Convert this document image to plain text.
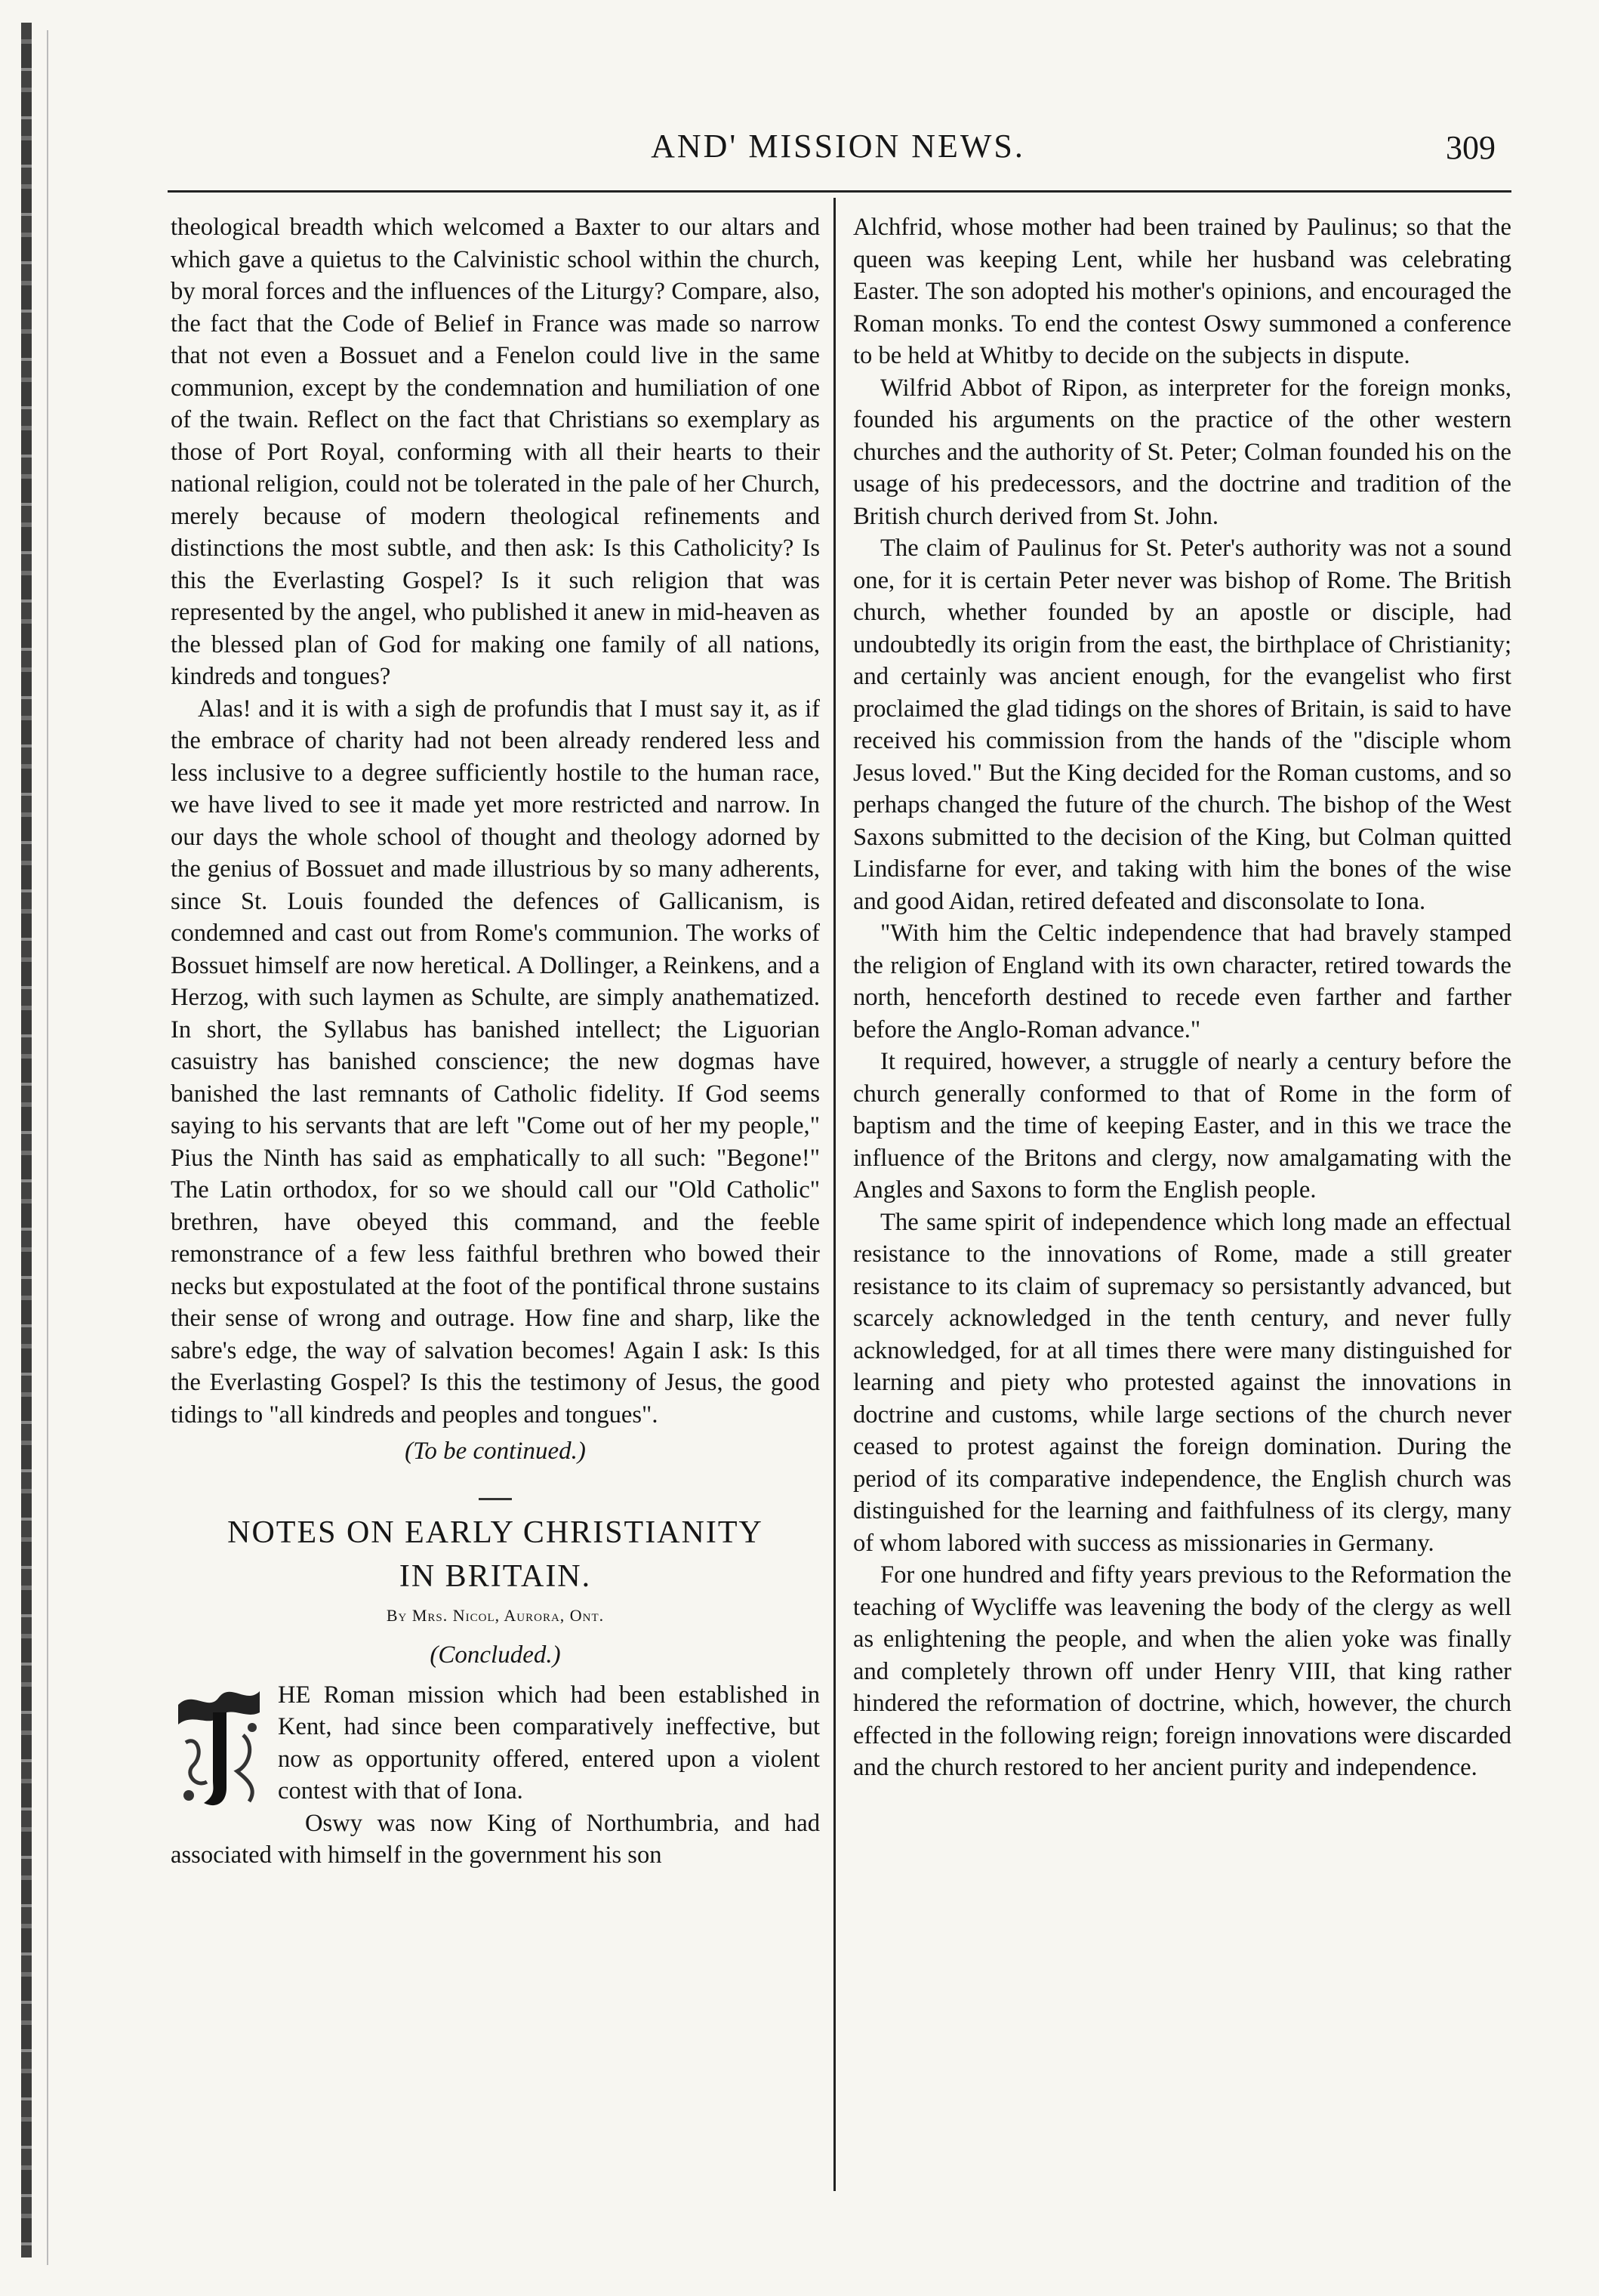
AND' MISSION NEWS.	309

theological breadth which welcomed a Baxter to our altars and which gave a quietus to the Calvinistic school within the church, by moral forces and the influences of the Liturgy? Compare, also, the fact that the Code of Belief in France was made so narrow that not even a Bossuet and a Fenelon could live in the same communion, except by the condemnation and humiliation of one of the twain. Reflect on the fact that Christians so exemplary as those of Port Royal, conforming with all their hearts to their national religion, could not be tolerated in the pale of her Church, merely because of modern theological refinements and distinctions the most subtle, and then ask: Is this Catholicity? Is this the Everlasting Gospel? Is it such religion that was represented by the angel, who published it anew in mid-heaven as the blessed plan of God for making one family of all nations, kindreds and tongues?

Alas! and it is with a sigh de profundis that I must say it, as if the embrace of charity had not been already rendered less and less inclusive to a degree sufficiently hostile to the human race, we have lived to see it made yet more restricted and narrow. In our days the whole school of thought and theology adorned by the genius of Bossuet and made illustrious by so many adherents, since St. Louis founded the defences of Gallicanism, is condemned and cast out from Rome's communion. The works of Bossuet himself are now heretical. A Dollinger, a Reinkens, and a Herzog, with such laymen as Schulte, are simply anathematized. In short, the Syllabus has banished intellect; the Liguorian casuistry has banished conscience; the new dogmas have banished the last remnants of Catholic fidelity. If God seems saying to his servants that are left "Come out of her my people," Pius the Ninth has said as emphatically to all such: "Begone!" The Latin orthodox, for so we should call our "Old Catholic" brethren, have obeyed this command, and the feeble remonstrance of a few less faithful brethren who bowed their necks but expostulated at the foot of the pontifical throne sustains their sense of wrong and outrage. How fine and sharp, like the sabre's edge, the way of salvation becomes! Again I ask: Is this the Everlasting Gospel? Is this the testimony of Jesus, the good tidings to "all kindreds and peoples and tongues".

(To be continued.)
NOTES ON EARLY CHRISTIANITY
IN BRITAIN.
By Mrs. Nicol, Aurora, Ont.
(Concluded.)

HE Roman mission which had been established in Kent, had since been comparatively ineffective, but now as opportunity offered, entered upon a violent contest with that of Iona.

Oswy was now King of Northumbria, and had associated with himself in the government his son

Alchfrid, whose mother had been trained by Paulinus; so that the queen was keeping Lent, while her husband was celebrating Easter. The son adopted his mother's opinions, and encouraged the Roman monks. To end the contest Oswy summoned a conference to be held at Whitby to decide on the subjects in dispute.

Wilfrid Abbot of Ripon, as interpreter for the foreign monks, founded his arguments on the practice of the other western churches and the authority of St. Peter; Colman founded his on the usage of his predecessors, and the doctrine and tradition of the British church derived from St. John.

The claim of Paulinus for St. Peter's authority was not a sound one, for it is certain Peter never was bishop of Rome. The British church, whether founded by an apostle or disciple, had undoubtedly its origin from the east, the birthplace of Christianity; and certainly was ancient enough, for the evangelist who first proclaimed the glad tidings on the shores of Britain, is said to have received his commission from the hands of the "disciple whom Jesus loved." But the King decided for the Roman customs, and so perhaps changed the future of the church. The bishop of the West Saxons submitted to the decision of the King, but Colman quitted Lindisfarne for ever, and taking with him the bones of the wise and good Aidan, retired defeated and disconsolate to Iona.

"With him the Celtic independence that had bravely stamped the religion of England with its own character, retired towards the north, henceforth destined to recede even farther and farther before the Anglo-Roman advance."

It required, however, a struggle of nearly a century before the church generally conformed to that of Rome in the form of baptism and the time of keeping Easter, and in this we trace the influence of the Britons and clergy, now amalgamating with the Angles and Saxons to form the English people.

The same spirit of independence which long made an effectual resistance to the innovations of Rome, made a still greater resistance to its claim of supremacy so persistantly advanced, but scarcely acknowledged in the tenth century, and never fully acknowledged, for at all times there were many distinguished for learning and piety who protested against the innovations in doctrine and customs, while large sections of the church never ceased to protest against the foreign domination. During the period of its comparative independence, the English church was distinguished for the learning and faithfulness of its clergy, many of whom labored with success as missionaries in Germany.

For one hundred and fifty years previous to the Reformation the teaching of Wycliffe was leavening the body of the clergy as well as enlightening the people, and when the alien yoke was finally and completely thrown off under Henry VIII, that king rather hindered the reformation of doctrine, which, however, the church effected in the following reign; foreign innovations were discarded and the church restored to her ancient purity and independence.
